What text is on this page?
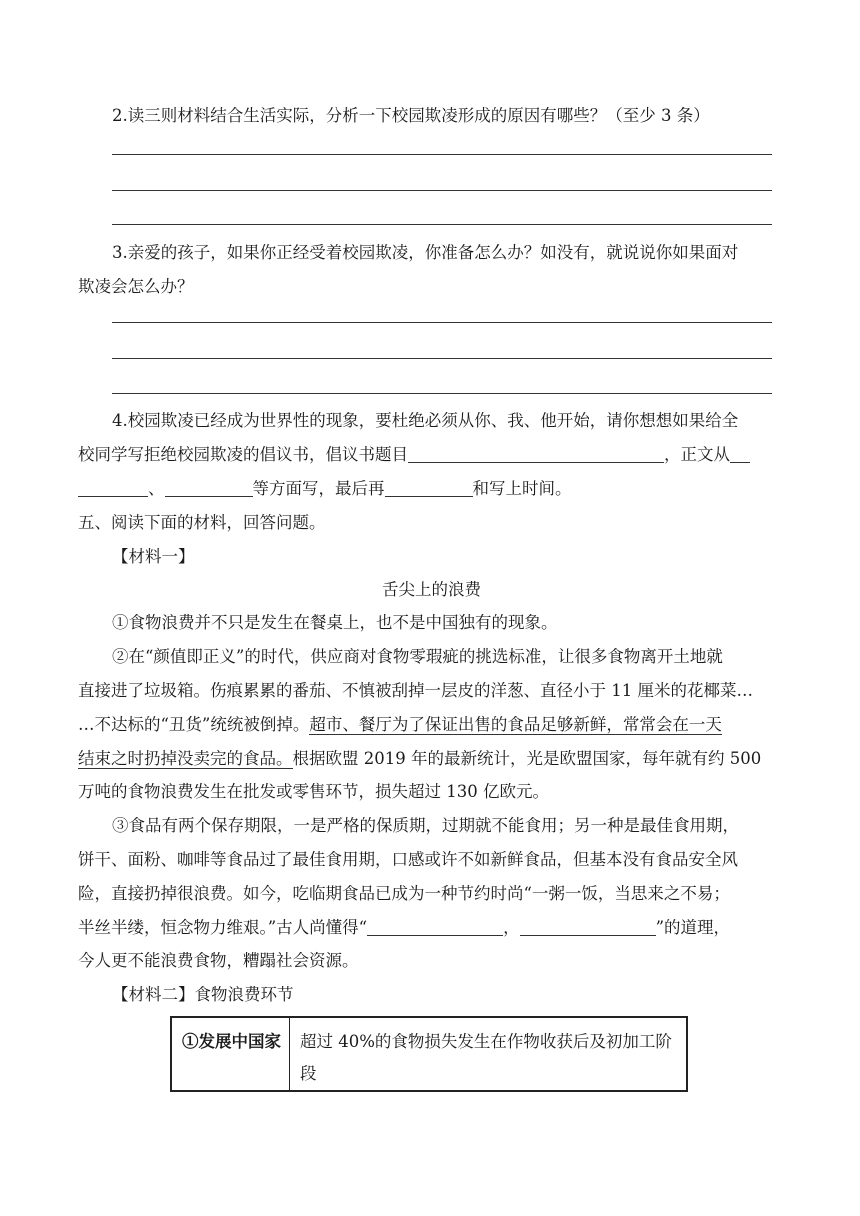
2.读三则材料结合生活实际，分析一下校园欺凌形成的原因有哪些？（至少 3 条）
3.亲爱的孩子，如果你正经受着校园欺凌，你准备怎么办？如没有，就说说你如果面对
欺凌会怎么办？
4.校园欺凌已经成为世界性的现象，要杜绝必须从你、我、他开始，请你想想如果给全
校同学写拒绝校园欺凌的倡议书，倡议书题目	，正文从
、	等方面写，最后再	和写上时间。
五、阅读下面的材料，回答问题。
【材料一】
舌尖上的浪费
①食物浪费并不只是发生在餐桌上，也不是中国独有的现象。
②在“颜值即正义”的时代，供应商对食物零瑕疵的挑选标准，让很多食物离开土地就
直接进了垃圾箱。伤痕累累的番茄、不慎被刮掉一层皮的洋葱、直径小于 11 厘米的花椰菜…
…不达标的“丑货”统统被倒掉。超市、餐厅为了保证出售的食品足够新鲜，常常会在一天
结束之时扔掉没卖完的食品。根据欧盟 2019 年的最新统计，光是欧盟国家，每年就有约 500
万吨的食物浪费发生在批发或零售环节，损失超过 130 亿欧元。
③食品有两个保存期限，一是严格的保质期，过期就不能食用；另一种是最佳食用期，
饼干、面粉、咖啡等食品过了最佳食用期，口感或许不如新鲜食品，但基本没有食品安全风
险，直接扔掉很浪费。如今，吃临期食品已成为一种节约时尚“一粥一饭，当思来之不易；
半丝半缕，恒念物力维艰。”古人尚懂得“	，	”的道理，
今人更不能浪费食物，糟蹋社会资源。
【材料二】食物浪费环节
①发展中国家 超过 40%的食物损失发生在作物收获后及初加工阶段
